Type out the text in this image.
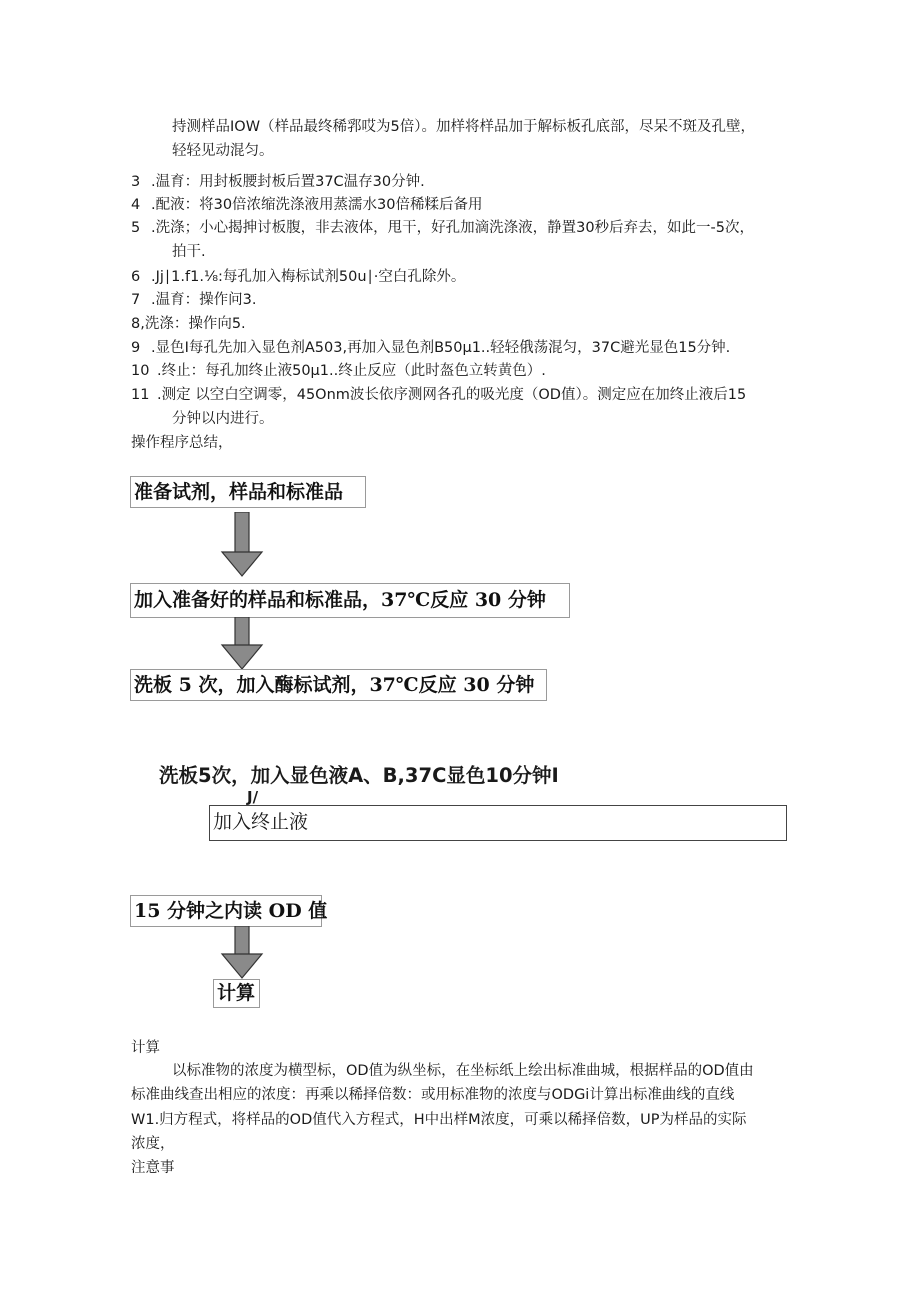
持测样品IOW（样品最终稀郛哎为5倍）。加样将样品加于解标板孔底部，尽呆不斑及孔壁，
轻轻见动混匀。
3 .温育：用封板腰封板后置37C温存30分钟.
4 .配液：将30倍浓缩洗涤液用蒸濡水30倍稀糅后备用
5 .洗涤；小心揭抻讨板腹，非去液体，甩干，好孔加滴洗涤液，静置30秒后弃去，如此一-5次，
拍干.
6 .Jj∣1.f1.⅛:每孔加入梅标试剂50u∣·空白孔除外。
7 .温育：操作问3.
8,洗涤：操作向5.
9 .显色I每孔先加入显色剂A503,再加入显色剂B50μ1..轻轻俄荡混匀，37C避光显色15分钟.
10 .终止：每孔加终止液50μ1..终止反应（此时盔色立转黄色）.
11 .测定 以空白空调零，45Onm波长依序测网各孔的吸光度（OD值）。测定应在加终止液后15
分钟以内进行。
操作程序总结，
准备试剂，样品和标准品
加入准备好的样品和标准品，37℃反应 30 分钟
洗板 5 次，加入酶标试剂，37℃反应 30 分钟
洗板5次，加入显色液A、B,37C显色10分钟I
J/
加入终止液
15 分钟之内读 OD 值
计算
计算
以标准物的浓度为横型标，OD值为纵坐标，在坐标纸上绘出标准曲城，根据样品的OD值由
标准曲线查出相应的浓度：再乘以稀择倍数：或用标准物的浓度与ODGi计算出标准曲线的直线
W1.归方程式，将样品的OD值代入方程式，H中出样M浓度，可乘以稀择倍数，UP为样品的实际
浓度，
注意事
